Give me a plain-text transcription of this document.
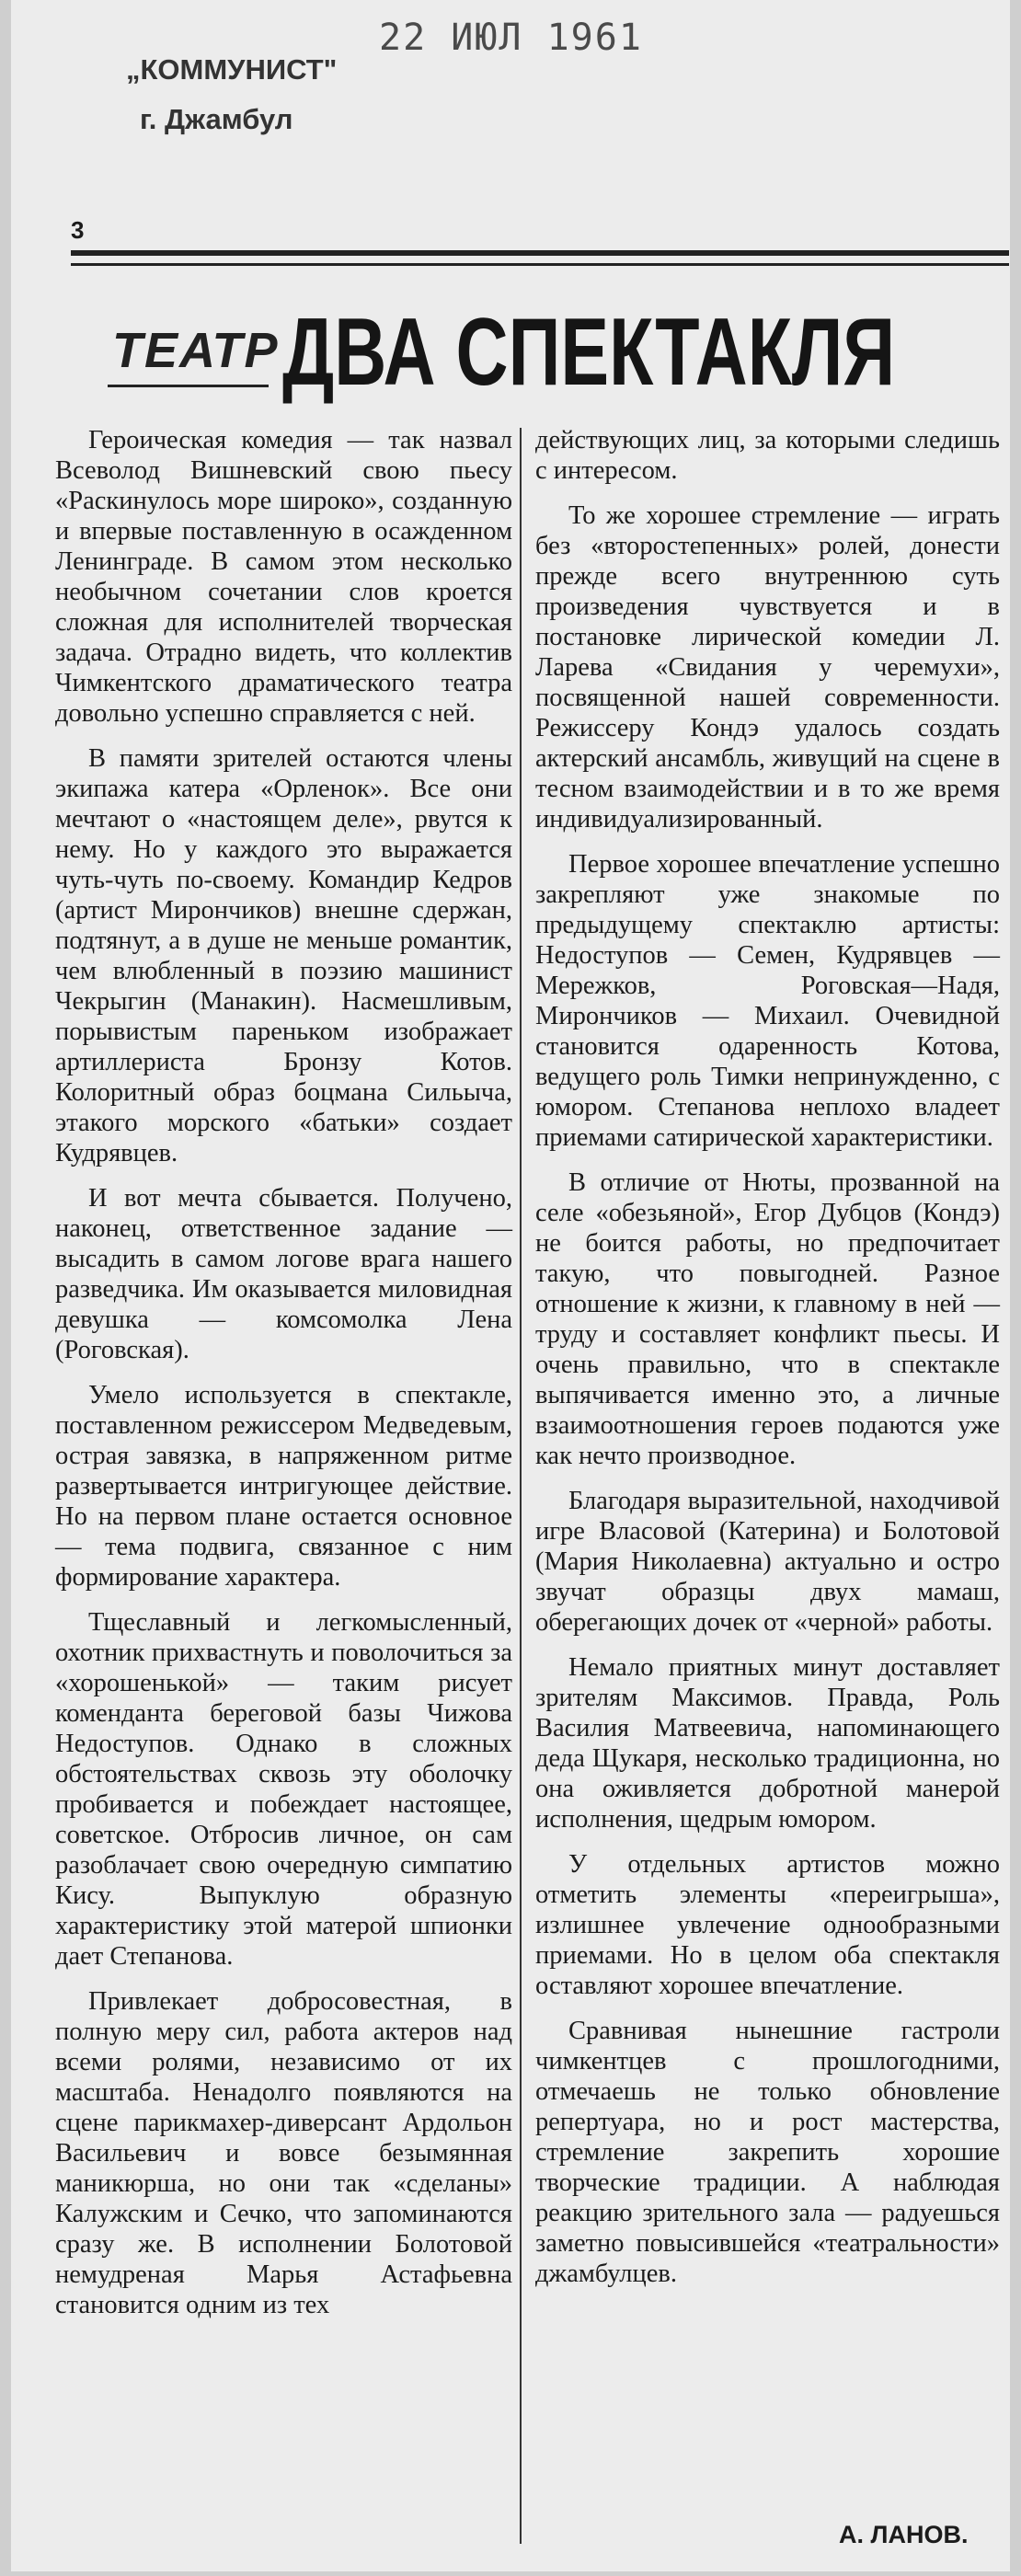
22 ИЮЛ 1961
„КОММУНИСТ"
г. Джамбул
3
ТЕАТР ДВА СПЕКТАКЛЯ

Героическая комедия — так назвал Всеволод Вишневский свою пьесу «Раскинулось море широко», созданную и впервые поставленную в осажденном Ленинграде. В самом этом несколько необычном сочетании слов кроется сложная для исполнителей творческая задача. Отрадно видеть, что коллектив Чимкентского драматического театра довольно успешно справляется с ней.

В памяти зрителей остаются члены экипажа катера «Орленок». Все они мечтают о «настоящем деле», рвутся к нему. Но у каждого это выражается чуть-чуть по-своему. Командир Кедров (артист Мирончиков) внешне сдержан, подтянут, а в душе не меньше романтик, чем влюбленный в поэзию машинист Чекрыгин (Манакин). Насмешливым, порывистым пареньком изображает артиллериста Бронзу Котов. Колоритный образ боцмана Сильыча, этакого морского «батьки» создает Кудрявцев.

И вот мечта сбывается. Получено, наконец, ответственное задание — высадить в самом логове врага нашего разведчика. Им оказывается миловидная девушка — комсомолка Лена (Роговская).

Умело используется в спектакле, поставленном режиссером Медведевым, острая завязка, в напряженном ритме развертывается интригующее действие. Но на первом плане остается основное — тема подвига, связанное с ним формирование характера.

Тщеславный и легкомысленный, охотник прихвастнуть и поволочиться за «хорошенькой» — таким рисует коменданта береговой базы Чижова Недоступов. Однако в сложных обстоятельствах сквозь эту оболочку пробивается и побеждает настоящее, советское. Отбросив личное, он сам разоблачает свою очередную симпатию Кису. Выпуклую образную характеристику этой матерой шпионки дает Степанова.

Привлекает добросовестная, в полную меру сил, работа актеров над всеми ролями, независимо от их масштаба. Ненадолго появляются на сцене парикмахер-диверсант Ардольон Васильевич и вовсе безымянная маникюрша, но они так «сделаны» Калужским и Сечко, что запоминаются сразу же. В исполнении Болотовой немудреная Марья Астафьевна становится одним из тех

действующих лиц, за которыми следишь с интересом.

То же хорошее стремление — играть без «второстепенных» ролей, донести прежде всего внутреннюю суть произведения чувствуется и в постановке лирической комедии Л. Ларева «Свидания у черемухи», посвященной нашей современности. Режиссеру Кондэ удалось создать актерский ансамбль, живущий на сцене в тесном взаимодействии и в то же время индивидуализированный.

Первое хорошее впечатление успешно закрепляют уже знакомые по предыдущему спектаклю артисты: Недоступов — Семен, Кудрявцев —Мережков, Роговская—Надя, Мирончиков — Михаил. Очевидной становится одаренность Котова, ведущего роль Тимки непринужденно, с юмором. Степанова неплохо владеет приемами сатирической характеристики.

В отличие от Нюты, прозванной на селе «обезьяной», Егор Дубцов (Кондэ) не боится работы, но предпочитает такую, что повыгодней. Разное отношение к жизни, к главному в ней — труду и составляет конфликт пьесы. И очень правильно, что в спектакле выпячивается именно это, а личные взаимоотношения героев подаются уже как нечто производное.

Благодаря выразительной, находчивой игре Власовой (Катерина) и Болотовой (Мария Николаевна) актуально и остро звучат образцы двух мамаш, оберегающих дочек от «черной» работы.

Немало приятных минут доставляет зрителям Максимов. Правда, Роль Василия Матвеевича, напоминающего деда Щукаря, несколько традиционна, но она оживляется добротной манерой исполнения, щедрым юмором.

У отдельных артистов можно отметить элементы «переигрыша», излишнее увлечение однообразными приемами. Но в целом оба спектакля оставляют хорошее впечатление.

Сравнивая нынешние гастроли чимкентцев с прошлогодними, отмечаешь не только обновление репертуара, но и рост мастерства, стремление закрепить хорошие творческие традиции. А наблюдая реакцию зрительного зала — радуешься заметно повысившейся «театральности» джамбулцев.

А. ЛАНОВ.
